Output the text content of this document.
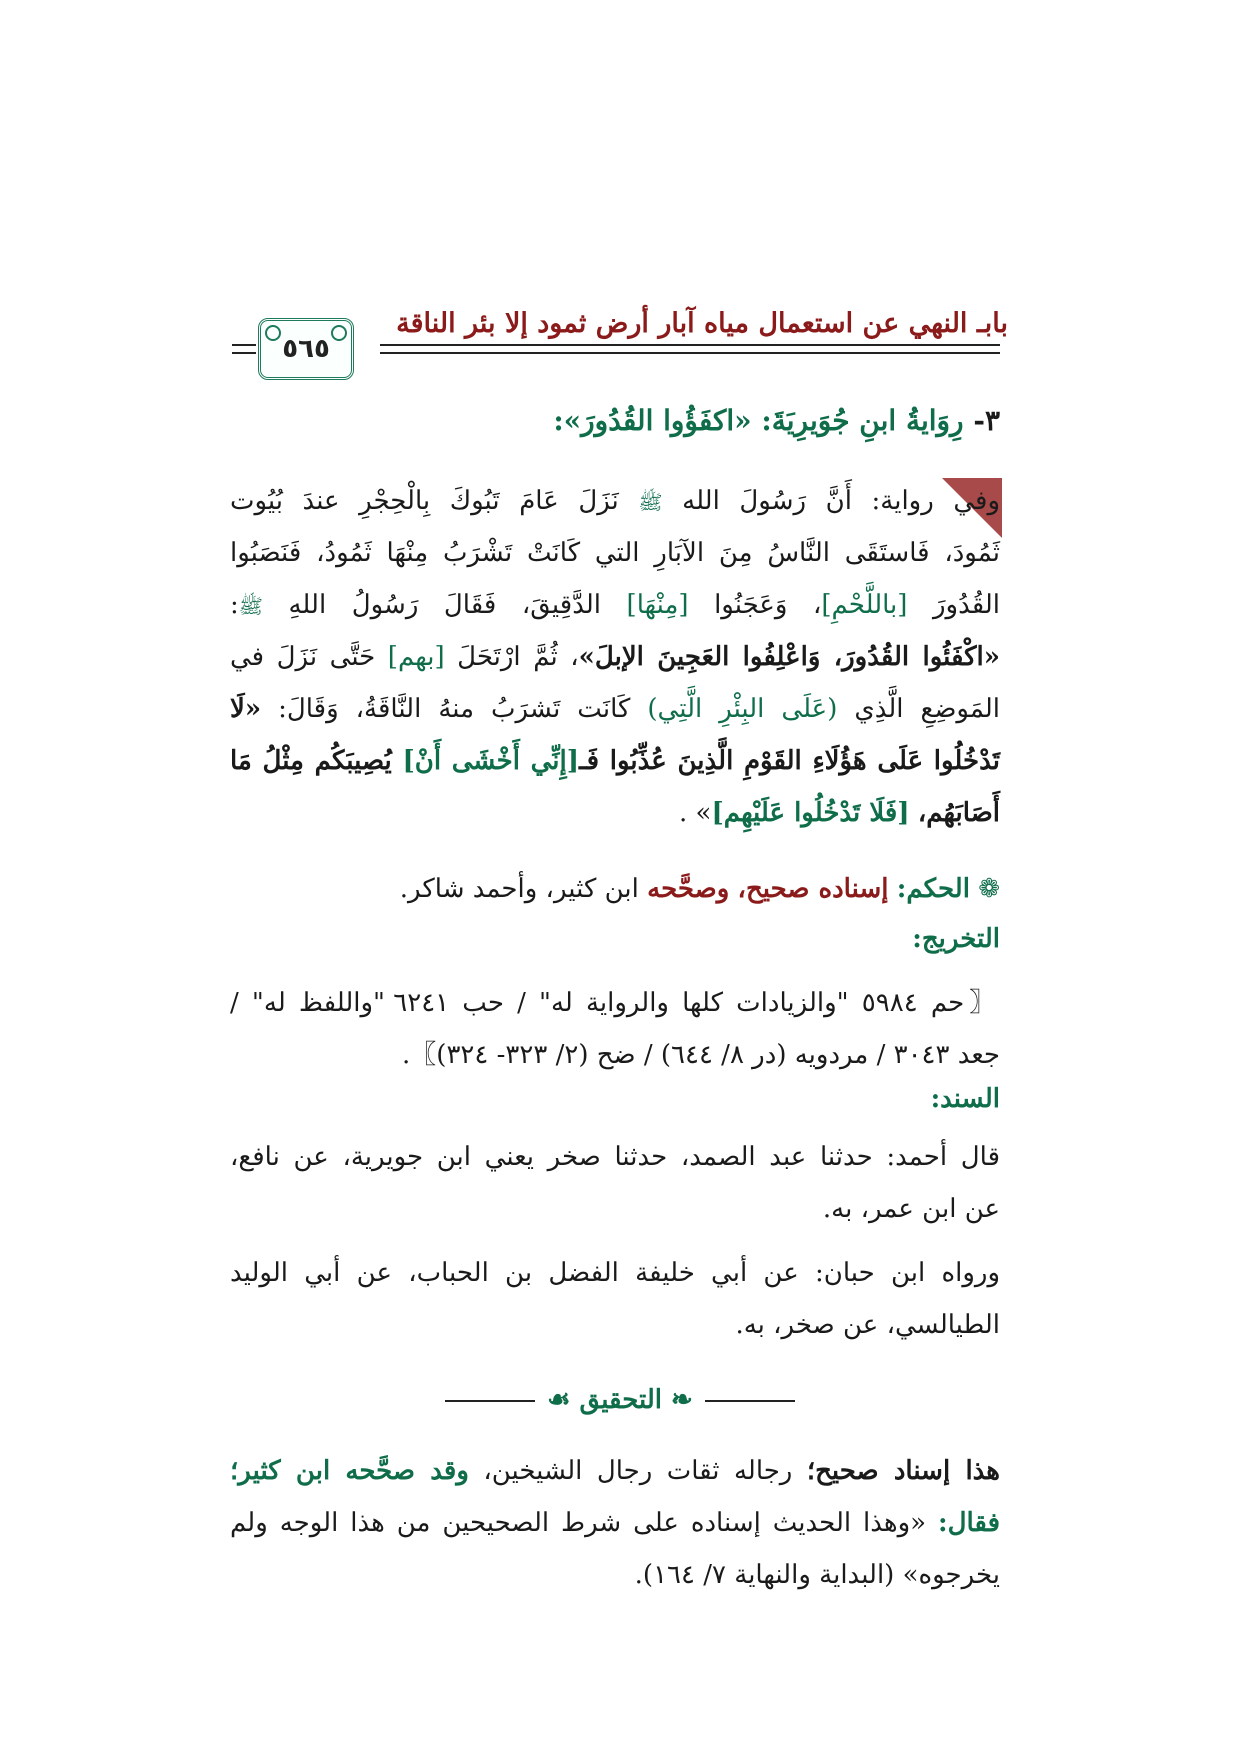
بابـ النهي عن استعمال مياه آبار أرض ثمود إلا بئر الناقة
٥٦٥
٣- رِوَايةُ ابنِ جُوَيرِيَةَ: «اكفَؤُوا القُدُورَ»:
وفي رواية: أَنَّ رَسُولَ الله ﷺ نَزَلَ عَامَ تَبُوكَ بِالْحِجْرِ عندَ بُيُوت
ثَمُودَ، فَاستَقَى النَّاسُ مِنَ الآبَارِ التي كَانَتْ تَشْرَبُ مِنْهَا ثَمُودُ، فَنَصَبُوا
القُدُورَ [باللَّحْمِ]، وَعَجَنُوا [مِنْهَا] الدَّقِيقَ، فَقَالَ رَسُولُ اللهِ ﷺ:
«اكْفَئُوا القُدُورَ، وَاعْلِفُوا العَجِينَ الإبلَ»، ثُمَّ ارْتَحَلَ [بهم] حَتَّى نَزَلَ في
المَوضِعِ الَّذِي (عَلَى البِئْرِ الَّتِي) كَانَت تَشرَبُ منهُ النَّاقَةُ، وَقَالَ: «لَا
تَدْخُلُوا عَلَى هَؤُلَاءِ القَوْمِ الَّذِينَ عُذِّبُوا فَـ[إِنِّي أَخْشَى أَنْ] يُصِيبَكُم مِثْلُ مَا
أَصَابَهُم، [فَلَا تَدْخُلُوا عَلَيْهِم]» .
❁ الحكم: إسناده صحيح، وصحَّحه ابن كثير، وأحمد شاكر.
التخريج:
〖حم ٥٩٨٤ "والزيادات كلها والرواية له" / حب ٦٢٤١ "واللفظ له" /
جعد ٣٠٤٣ / مردويه (در ٨/ ٦٤٤) / ضح (٢/ ٣٢٣- ٣٢٤)〗.
السند:
قال أحمد: حدثنا عبد الصمد، حدثنا صخر يعني ابن جويرية، عن نافع،
عن ابن عمر، به.
ورواه ابن حبان: عن أبي خليفة الفضل بن الحباب، عن أبي الوليد
الطيالسي، عن صخر، به.
❧ التحقيق ☙
هذا إسناد صحيح؛ رجاله ثقات رجال الشيخين، وقد صحَّحه ابن كثير؛
فقال: «وهذا الحديث إسناده على شرط الصحيحين من هذا الوجه ولم
يخرجوه» (البداية والنهاية ٧/ ١٦٤).
